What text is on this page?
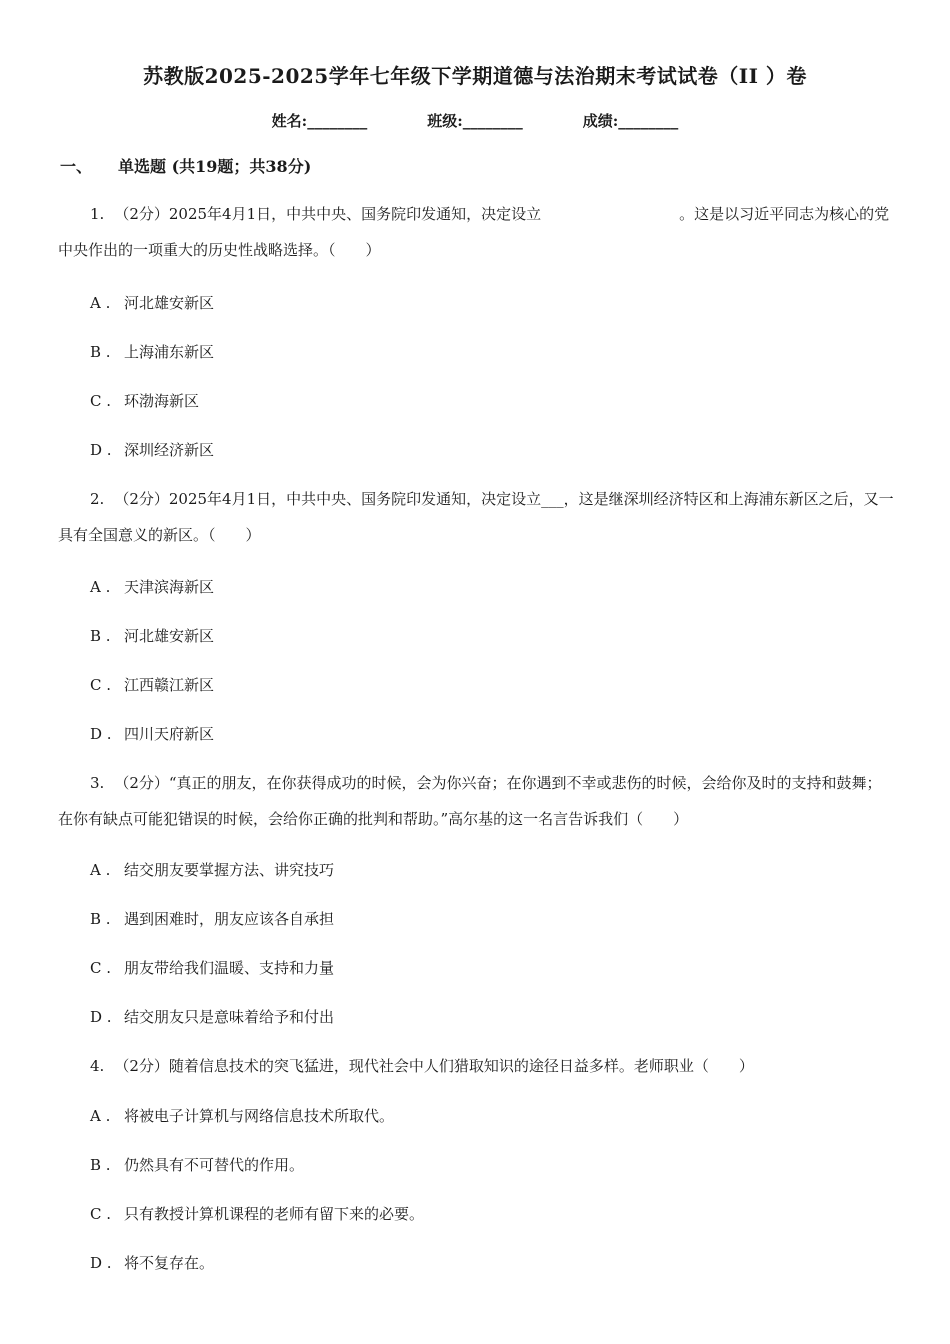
苏教版2025-2025学年七年级下学期道德与法治期末考试试卷（II ）卷
姓名:________	班级:________	成绩:________
一、 单选题 (共19题；共38分)
1. （2分）2025年4月1日，中共中央、国务院印发通知，决定设立	。这是以习近平同志为核心的党中央作出的一项重大的历史性战略选择。（　　）
A . 河北雄安新区
B . 上海浦东新区
C . 环渤海新区
D . 深圳经济新区
2. （2分）2025年4月1日，中共中央、国务院印发通知，决定设立___，这是继深圳经济特区和上海浦东新区之后，又一具有全国意义的新区。（　　）
A . 天津滨海新区
B . 河北雄安新区
C . 江西赣江新区
D . 四川天府新区
3. （2分）“真正的朋友，在你获得成功的时候，会为你兴奋；在你遇到不幸或悲伤的时候，会给你及时的支持和鼓舞；在你有缺点可能犯错误的时候，会给你正确的批判和帮助。”高尔基的这一名言告诉我们（　　）
A . 结交朋友要掌握方法、讲究技巧
B . 遇到困难时，朋友应该各自承担
C . 朋友带给我们温暖、支持和力量
D . 结交朋友只是意味着给予和付出
4. （2分）随着信息技术的突飞猛进，现代社会中人们猎取知识的途径日益多样。老师职业（　　）
A . 将被电子计算机与网络信息技术所取代。
B . 仍然具有不可替代的作用。
C . 只有教授计算机课程的老师有留下来的必要。
D . 将不复存在。
